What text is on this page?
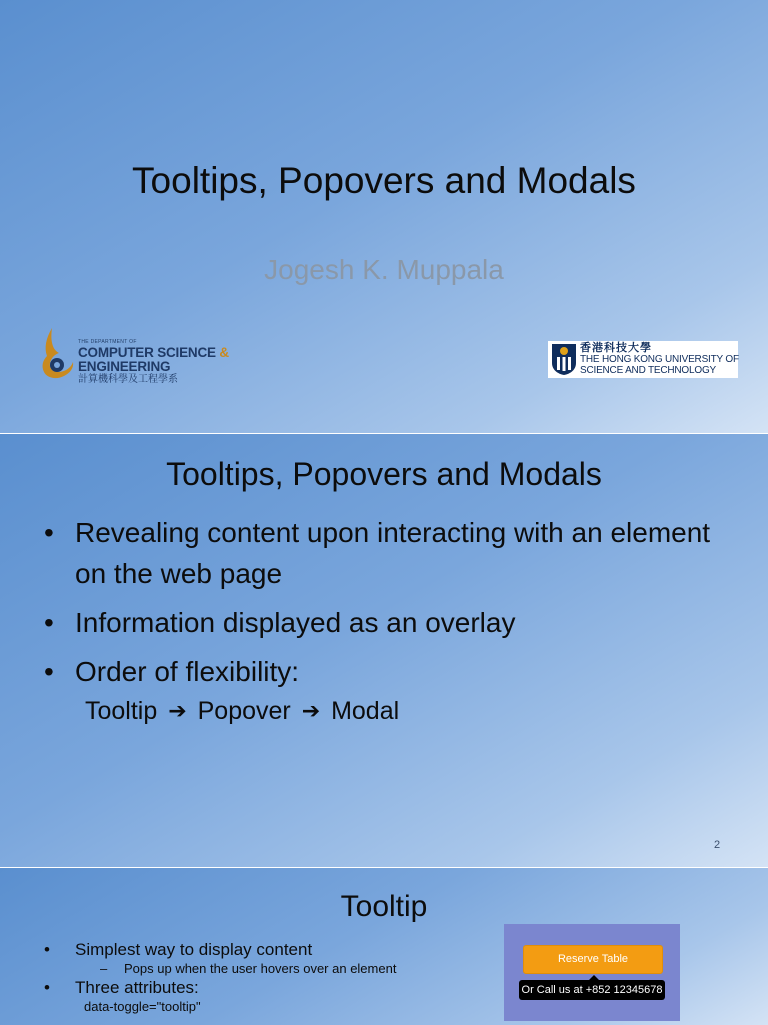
Tooltips, Popovers and Modals
Jogesh K. Muppala
THE DEPARTMENT OF
COMPUTER SCIENCE & ENGINEERING
計算機科學及工程學系
香港科技大學
THE HONG KONG UNIVERSITY OF
SCIENCE AND TECHNOLOGY
Tooltips, Popovers and Modals
• Revealing content upon interacting with an element on the web page
• Information displayed as an overlay
• Order of flexibility:
Tooltip ➔ Popover ➔ Modal
2
Tooltip
• Simplest way to display content
– Pops up when the user hovers over an element
• Three attributes:
data-toggle="tooltip"
Reserve Table
Or Call us at +852 12345678
